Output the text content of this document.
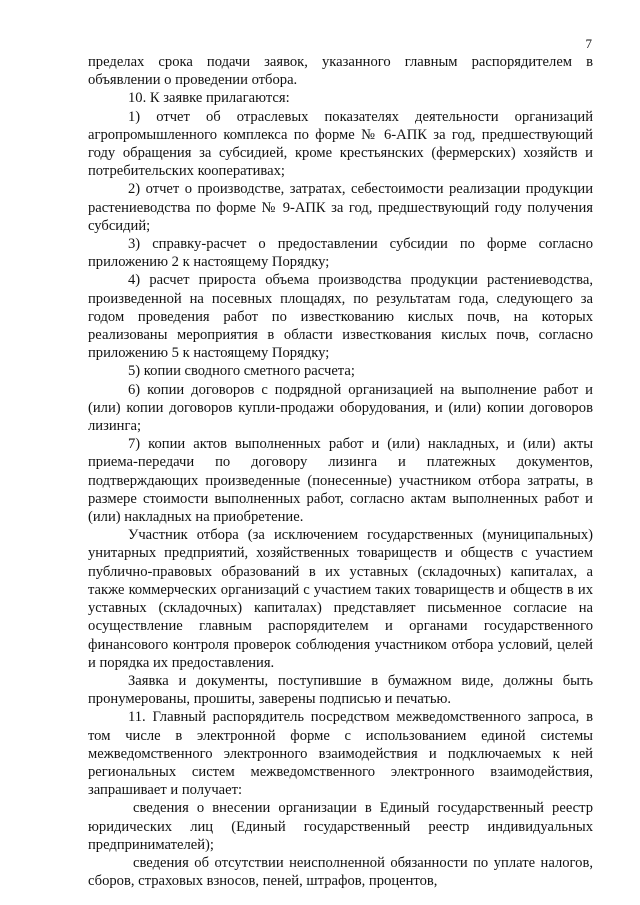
7

пределах срока подачи заявок, указанного главным распорядителем в объявлении о проведении отбора.

10. К заявке прилагаются:

1) отчет об отраслевых показателях деятельности организаций агропромышленного комплекса по форме № 6-АПК за год, предшествующий году обращения за субсидией, кроме крестьянских (фермерских) хозяйств и потребительских кооперативах;

2) отчет о производстве, затратах, себестоимости реализации продукции растениеводства по форме № 9-АПК за год, предшествующий году получения субсидий;

3) справку-расчет о предоставлении субсидии по форме согласно приложению 2 к настоящему Порядку;

4) расчет прироста объема производства продукции растениеводства, произведенной на посевных площадях, по результатам года, следующего за годом проведения работ по известкованию кислых почв, на которых реализованы мероприятия в области известкования кислых почв, согласно приложению 5 к настоящему Порядку;

5) копии сводного сметного расчета;

6) копии договоров с подрядной организацией на выполнение работ и (или) копии договоров купли-продажи оборудования, и (или) копии договоров лизинга;

7) копии актов выполненных работ и (или) накладных, и (или) акты приема-передачи по договору лизинга и платежных документов, подтверждающих произведенные (понесенные) участником отбора затраты, в размере стоимости выполненных работ, согласно актам выполненных работ и (или) накладных на приобретение.

Участник отбора (за исключением государственных (муниципальных) унитарных предприятий, хозяйственных товариществ и обществ с участием публично-правовых образований в их уставных (складочных) капиталах, а также коммерческих организаций с участием таких товариществ и обществ в их уставных (складочных) капиталах) представляет письменное согласие на осуществление главным распорядителем и органами государственного финансового контроля проверок соблюдения участником отбора условий, целей и порядка их предоставления.

Заявка и документы, поступившие в бумажном виде, должны быть пронумерованы, прошиты, заверены подписью и печатью.

11. Главный распорядитель посредством межведомственного запроса, в том числе в электронной форме с использованием единой системы межведомственного электронного взаимодействия и подключаемых к ней региональных систем межведомственного электронного взаимодействия, запрашивает и получает:

сведения о внесении организации в Единый государственный реестр юридических лиц (Единый государственный реестр индивидуальных предпринимателей);

сведения об отсутствии неисполненной обязанности по уплате налогов, сборов, страховых взносов, пеней, штрафов, процентов,
